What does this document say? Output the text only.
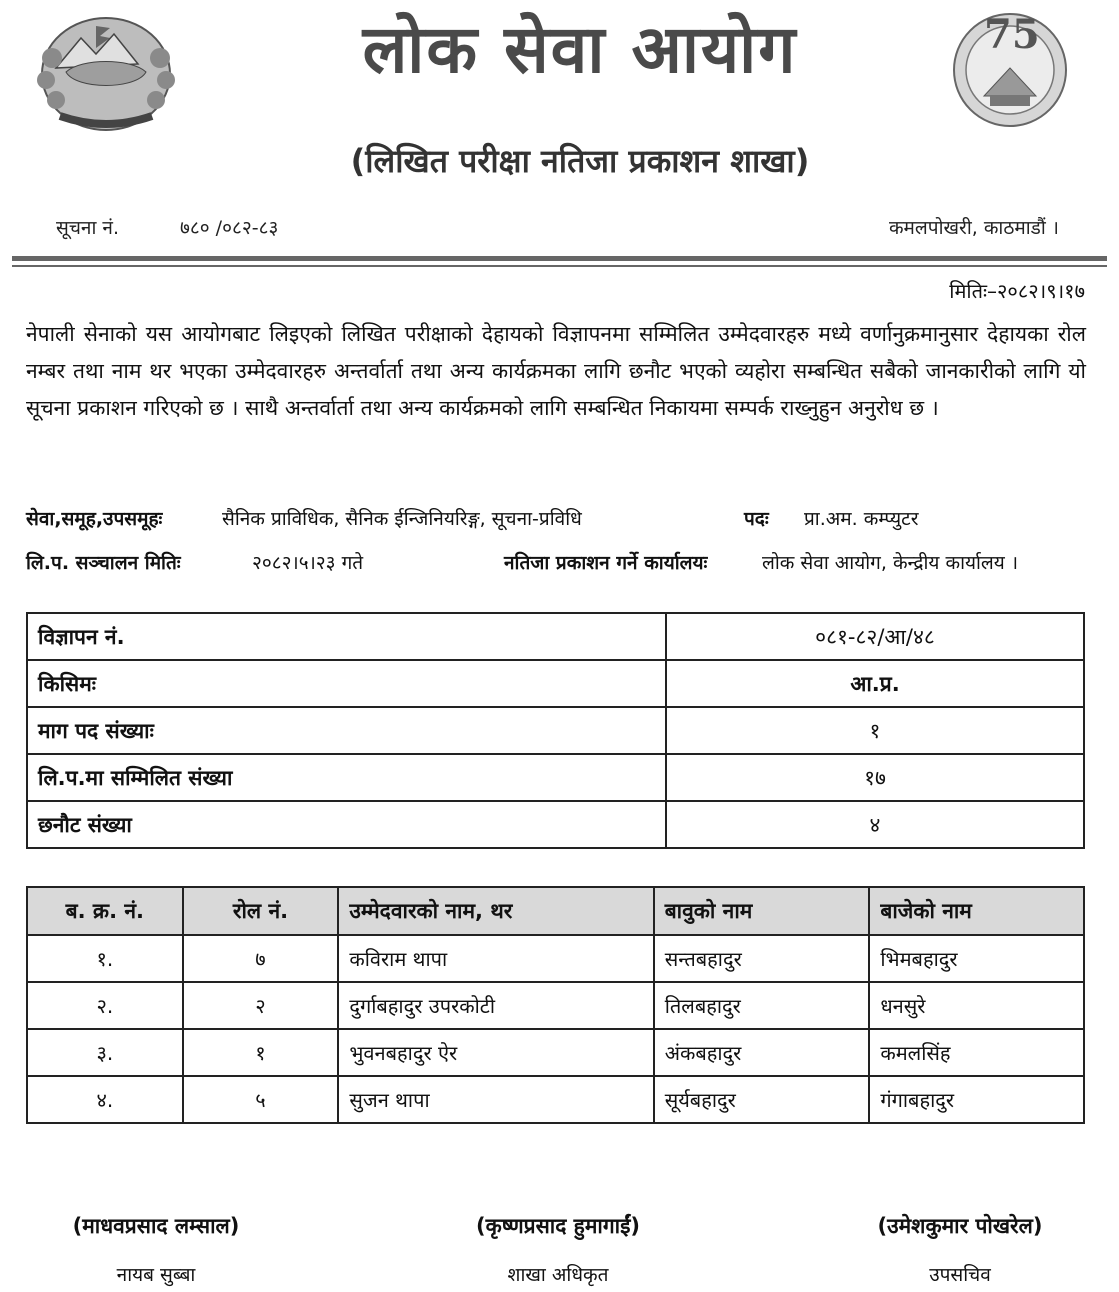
75
लोक सेवा आयोग
(लिखित परीक्षा नतिजा प्रकाशन शाखा)
सूचना नं.	७८० /०८२-८३	कमलपोखरी, काठमाडौं ।
मितिः–२०८२।९।१७
नेपाली सेनाको यस आयोगबाट लिइएको लिखित परीक्षाको देहायको विज्ञापनमा सम्मिलित उम्मेदवारहरु मध्ये वर्णानुक्रमानुसार देहायका रोल नम्बर तथा नाम थर भएका उम्मेदवारहरु अन्तर्वार्ता तथा अन्य कार्यक्रमका लागि छनौट भएको व्यहोरा सम्बन्धित सबैको जानकारीको लागि यो सूचना प्रकाशन गरिएको छ । साथै अन्तर्वार्ता तथा अन्य कार्यक्रमको लागि सम्बन्धित निकायमा सम्पर्क राख्नुहुन अनुरोध छ ।
सेवा,समूह,उपसमूहः	सैनिक प्राविधिक, सैनिक ईन्जिनियरिङ्ग, सूचना-प्रविधि	पदः प्रा.अम. कम्प्युटर
लि.प. सञ्चालन मितिः	२०८२।५।२३ गते	नतिजा प्रकाशन गर्ने कार्यालयः	लोक सेवा आयोग, केन्द्रीय कार्यालय ।
विज्ञापन नं.	०८१-८२/आ/४८
किसिमः	आ.प्र.
माग पद संख्याः	१
लि.प.मा सम्मिलित संख्या	१७
छनौट संख्या	४
ब. क्र. नं.	रोल नं.	उम्मेदवारको नाम, थर	बावुको नाम	बाजेको नाम
१.	७	कविराम थापा	सन्तबहादुर	भिमबहादुर
२.	२	दुर्गाबहादुर उपरकोटी	तिलबहादुर	धनसुरे
३.	१	भुवनबहादुर ऐर	अंकबहादुर	कमलसिंह
४.	५	सुजन थापा	सूर्यबहादुर	गंगाबहादुर
(माधवप्रसाद लम्साल)
नायब सुब्बा
(कृष्णप्रसाद हुमागाईं)
शाखा अधिकृत
(उमेशकुमार पोखरेल)
उपसचिव
